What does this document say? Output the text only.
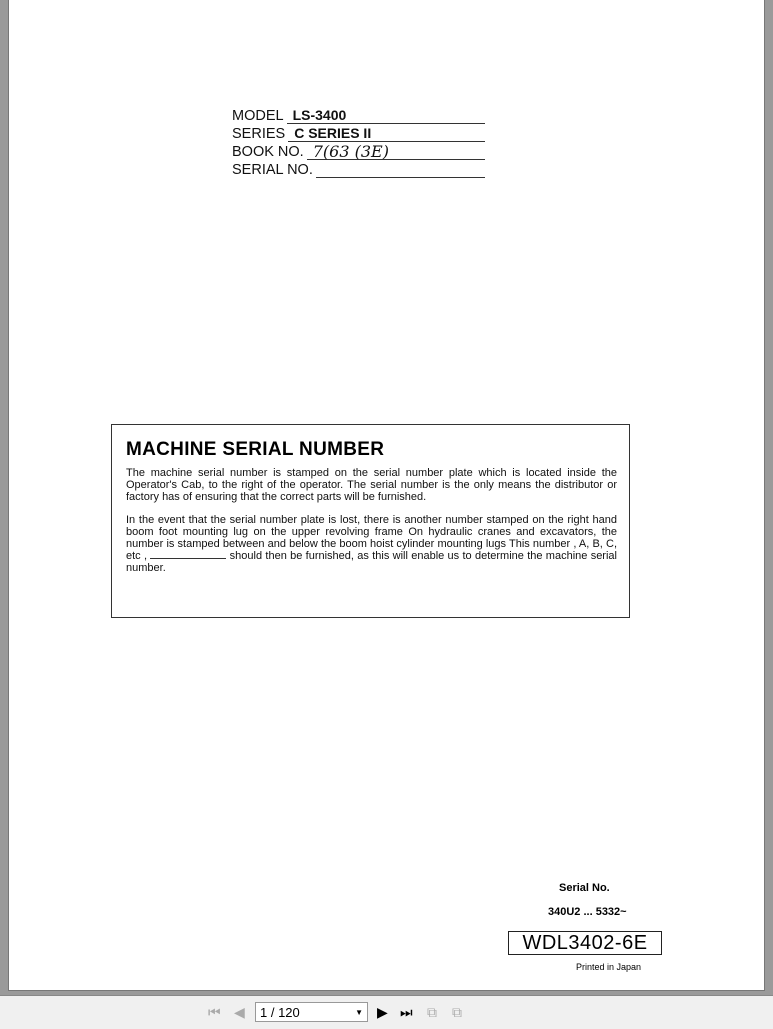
MODEL LS-3400
SERIES C SERIES II
BOOK NO. 7(63 (3E)
SERIAL NO.
MACHINE SERIAL NUMBER

The machine serial number is stamped on the serial number plate which is located inside the Operator's Cab, to the right of the operator. The serial number is the only means the distributor or factory has of ensuring that the correct parts will be furnished.

In the event that the serial number plate is lost, there is another number stamped on the right hand boom foot mounting lug on the upper revolving frame On hydraulic cranes and excavators, the number is stamped between and below the boom hoist cylinder mounting lugs This number , A, B, C, etc ,	should then be furnished, as this will enable us to determine the machine serial number.

Serial No.
340U2 ... 5332~
WDL3402-6E
Printed in Japan
⏮ ◀	1 / 120	▼ ▶ ⏭ ⧉ ⧉
